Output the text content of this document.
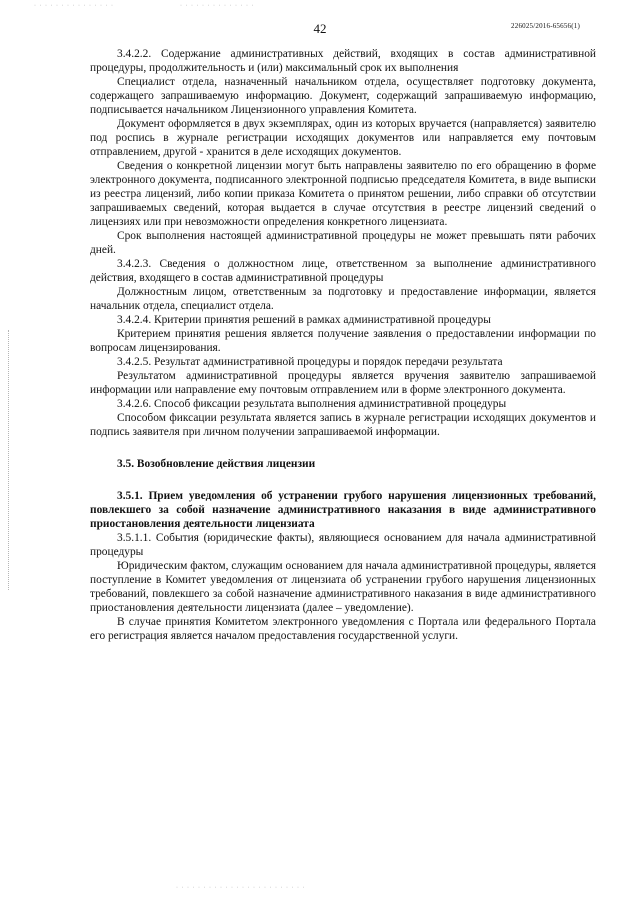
· · · · · · · · · · · · · · ·	· · · · · · · · · · · · · ·
42	226025/2016-65656(1)

3.4.2.2. Содержание административных действий, входящих в состав административной процедуры, продолжительность и (или) максимальный срок их выполнения

Специалист отдела, назначенный начальником отдела, осуществляет подготовку документа, содержащего запрашиваемую информацию. Документ, содержащий запрашиваемую информацию, подписывается начальником Лицензионного управления Комитета.

Документ оформляется в двух экземплярах, один из которых вручается (направляется) заявителю под роспись в журнале регистрации исходящих документов или направляется ему почтовым отправлением, другой - хранится в деле исходящих документов.

Сведения о конкретной лицензии могут быть направлены заявителю по его обращению в форме электронного документа, подписанного электронной подписью председателя Комитета, в виде выписки из реестра лицензий, либо копии приказа Комитета о принятом решении, либо справки об отсутствии запрашиваемых сведений, которая выдается в случае отсутствия в реестре лицензий сведений о лицензиях или при невозможности определения конкретного лицензиата.

Срок выполнения настоящей административной процедуры не может превышать пяти рабочих дней.

3.4.2.3. Сведения о должностном лице, ответственном за выполнение административного действия, входящего в состав административной процедуры

Должностным лицом, ответственным за подготовку и предоставление информации, является начальник отдела, специалист отдела.

3.4.2.4. Критерии принятия решений в рамках административной процедуры

Критерием принятия решения является получение заявления о предоставлении информации по вопросам лицензирования.

3.4.2.5. Результат административной процедуры и порядок передачи результата

Результатом административной процедуры является вручения заявителю запрашиваемой информации или направление ему почтовым отправлением или в форме электронного документа.

3.4.2.6. Способ фиксации результата выполнения административной процедуры

Способом фиксации результата является запись в журнале регистрации исходящих документов и подпись заявителя при личном получении запрашиваемой информации.

3.5. Возобновление действия лицензии

3.5.1. Прием уведомления об устранении грубого нарушения лицензионных требований, повлекшего за собой назначение административного наказания в виде административного приостановления деятельности лицензиата

3.5.1.1. События (юридические факты), являющиеся основанием для начала административной процедуры

Юридическим фактом, служащим основанием для начала административной процедуры, является поступление в Комитет уведомления от лицензиата об устранении грубого нарушения лицензионных требований, повлекшего за собой назначение административного наказания в виде административного приостановления деятельности лицензиата (далее – уведомление).

В случае принятия Комитетом электронного уведомления с Портала или федерального Портала его регистрация является началом предоставления государственной услуги.

· · · · · · · · · · · · · · · · · · · · · · · ·
